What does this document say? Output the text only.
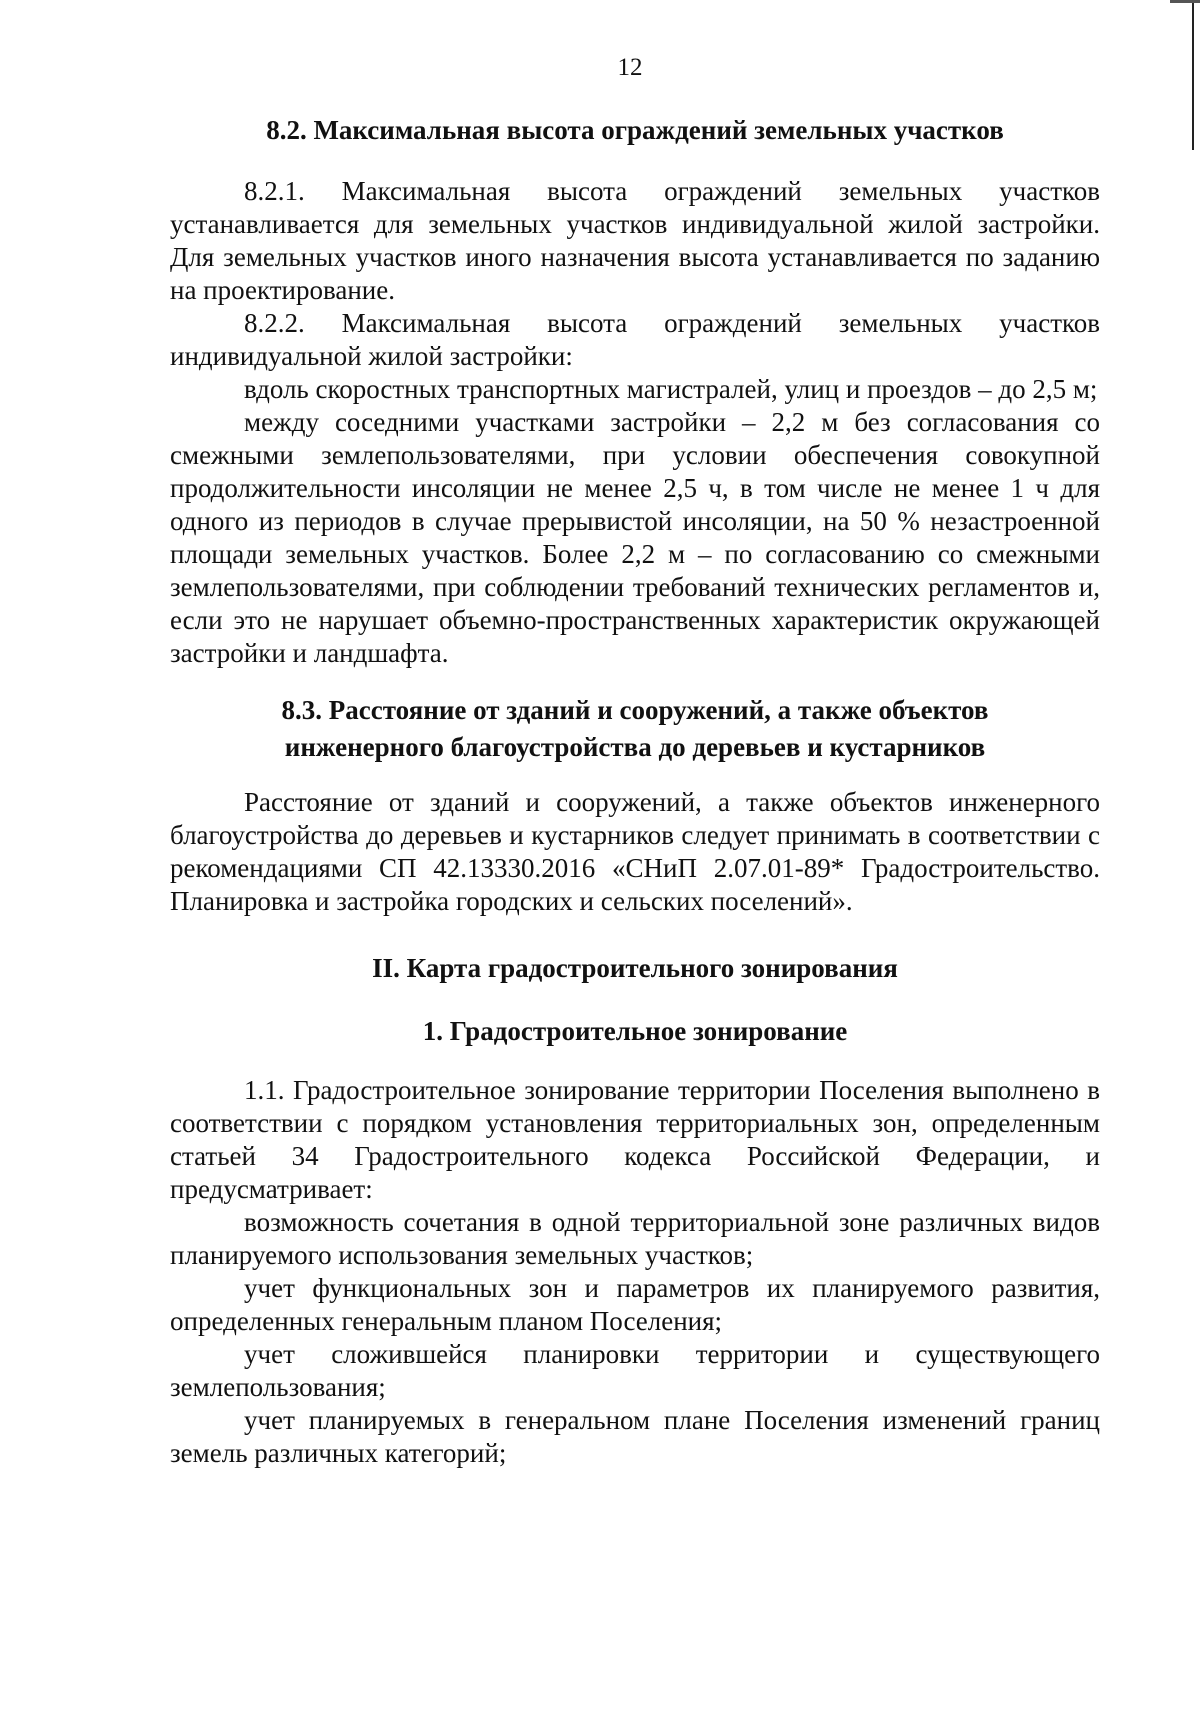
12
8.2. Максимальная высота ограждений земельных участков

8.2.1. Максимальная высота ограждений земельных участков устанавливается для земельных участков индивидуальной жилой застройки. Для земельных участков иного назначения высота устанавливается по заданию на проектирование.

8.2.2. Максимальная высота ограждений земельных участков индивидуальной жилой застройки:

вдоль скоростных транспортных магистралей, улиц и проездов – до 2,5 м;

между соседними участками застройки – 2,2 м без согласования со смежными землепользователями, при условии обеспечения совокупной продолжительности инсоляции не менее 2,5 ч, в том числе не менее 1 ч для одного из периодов в случае прерывистой инсоляции, на 50 % незастроенной площади земельных участков. Более 2,2 м – по согласованию со смежными землепользователями, при соблюдении требований технических регламентов и, если это не нарушает объемно-пространственных характеристик окружающей застройки и ландшафта.

8.3. Расстояние от зданий и сооружений, а также объектов
инженерного благоустройства до деревьев и кустарников

Расстояние от зданий и сооружений, а также объектов инженерного благоустройства до деревьев и кустарников следует принимать в соответствии с рекомендациями СП 42.13330.2016 «СНиП 2.07.01-89* Градостроительство. Планировка и застройка городских и сельских поселений».

II. Карта градостроительного зонирования
1. Градостроительное зонирование

1.1. Градостроительное зонирование территории Поселения выполнено в соответствии с порядком установления территориальных зон, определенным статьей 34 Градостроительного кодекса Российской Федерации, и предусматривает:

возможность сочетания в одной территориальной зоне различных видов планируемого использования земельных участков;

учет функциональных зон и параметров их планируемого развития, определенных генеральным планом Поселения;

учет сложившейся планировки территории и существующего землепользования;

учет планируемых в генеральном плане Поселения изменений границ земель различных категорий;
